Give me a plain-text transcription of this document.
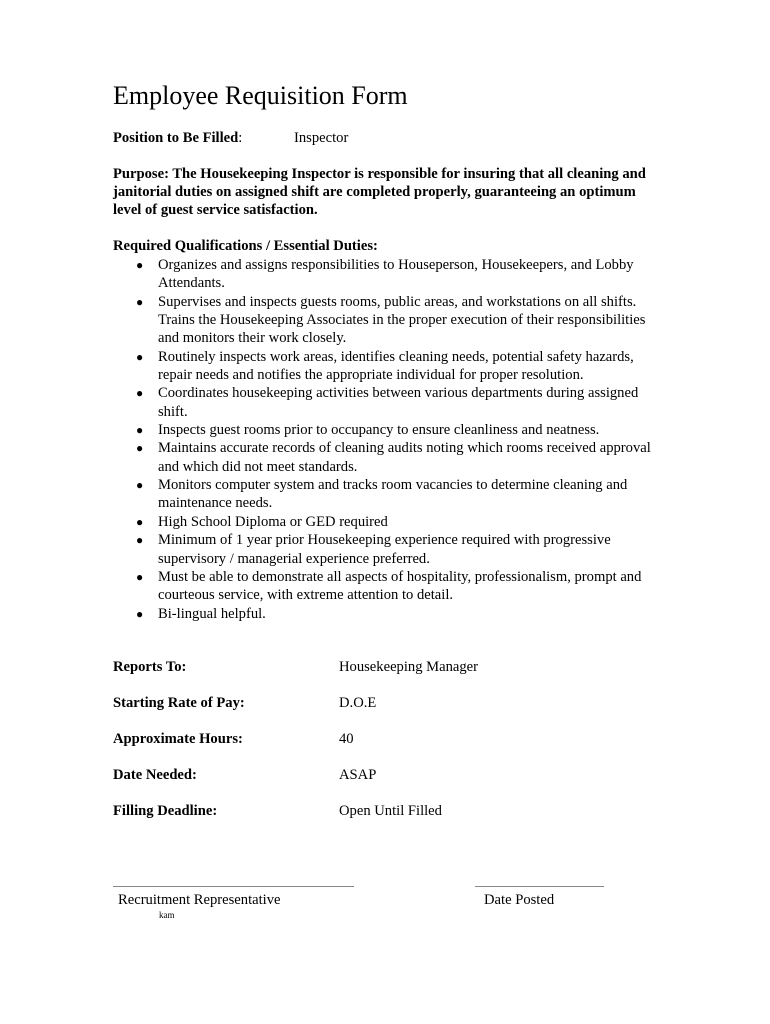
Employee Requisition Form
Position to Be Filled:	Inspector

Purpose: The Housekeeping Inspector is responsible for insuring that all cleaning and janitorial duties on assigned shift are completed properly, guaranteeing an optimum level of guest service satisfaction.

Required Qualifications / Essential Duties:
● Organizes and assigns responsibilities to Houseperson, Housekeepers, and Lobby Attendants.
● Supervises and inspects guests rooms, public areas, and workstations on all shifts. Trains the Housekeeping Associates in the proper execution of their responsibilities and monitors their work closely.
● Routinely inspects work areas, identifies cleaning needs, potential safety hazards, repair needs and notifies the appropriate individual for proper resolution.
● Coordinates housekeeping activities between various departments during assigned shift.
● Inspects guest rooms prior to occupancy to ensure cleanliness and neatness.
● Maintains accurate records of cleaning audits noting which rooms received approval and which did not meet standards.
● Monitors computer system and tracks room vacancies to determine cleaning and maintenance needs.
● High School Diploma or GED required
● Minimum of 1 year prior Housekeeping experience required with progressive supervisory / managerial experience preferred.
● Must be able to demonstrate all aspects of hospitality, professionalism, prompt and courteous service, with extreme attention to detail.
● Bi-lingual helpful.
Reports To:	Housekeeping Manager
Starting Rate of Pay:	D.O.E
Approximate Hours:	40
Date Needed:	ASAP
Filling Deadline:	Open Until Filled
Recruitment Representative	Date Posted
kam
